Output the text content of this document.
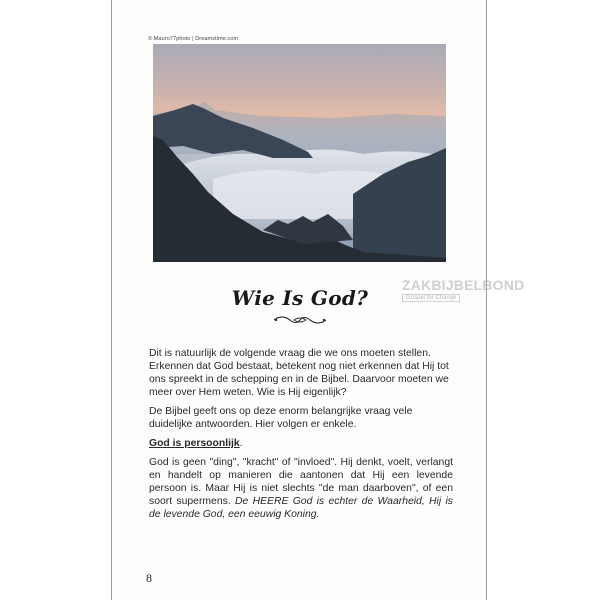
© Mauro77photo | Dreamstime.com
ZAKBIJBELBOND
Gospel for Change
Wie Is God?

Dit is natuurlijk de volgende vraag die we ons moeten stellen. Erkennen dat God bestaat, betekent nog niet erkennen dat Hij tot ons spreekt in de schepping en in de Bijbel. Daarvoor moeten we meer over Hem weten. Wie is Hij eigenlijk?

De Bijbel geeft ons op deze enorm belangrijke vraag vele duidelijke antwoorden. Hier volgen er enkele.

God is persoonlijk.

God is geen "ding", "kracht" of "invloed". Hij denkt, voelt, verlangt en handelt op manieren die aantonen dat Hij een levende persoon is. Maar Hij is niet slechts "de man daarboven", of een soort supermens. De HEERE God is echter de Waarheid, Hij is de levende God, een eeuwig Koning.

8
